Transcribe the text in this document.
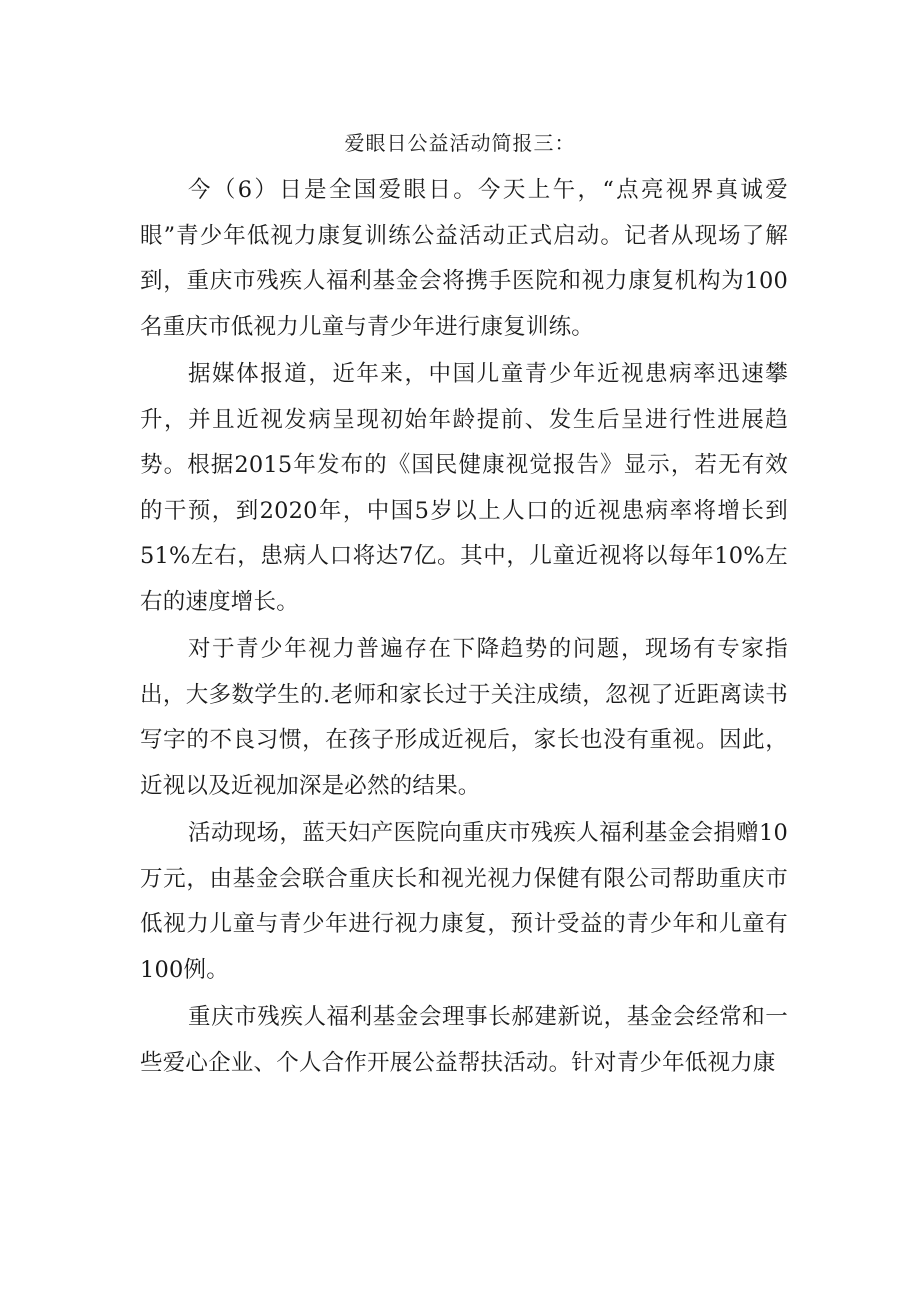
爱眼日公益活动简报三：

今（6）日是全国爱眼日。今天上午，“点亮视界真诚爱眼”青少年低视力康复训练公益活动正式启动。记者从现场了解到，重庆市残疾人福利基金会将携手医院和视力康复机构为100名重庆市低视力儿童与青少年进行康复训练。

据媒体报道，近年来，中国儿童青少年近视患病率迅速攀升，并且近视发病呈现初始年龄提前、发生后呈进行性进展趋势。根据2015年发布的《国民健康视觉报告》显示，若无有效的干预，到2020年，中国5岁以上人口的近视患病率将增长到51%左右，患病人口将达7亿。其中，儿童近视将以每年10%左右的速度增长。

对于青少年视力普遍存在下降趋势的问题，现场有专家指出，大多数学生的.老师和家长过于关注成绩，忽视了近距离读书写字的不良习惯，在孩子形成近视后，家长也没有重视。因此，近视以及近视加深是必然的结果。

活动现场，蓝天妇产医院向重庆市残疾人福利基金会捐赠10万元，由基金会联合重庆长和视光视力保健有限公司帮助重庆市低视力儿童与青少年进行视力康复，预计受益的青少年和儿童有100例。

重庆市残疾人福利基金会理事长郝建新说，基金会经常和一些爱心企业、个人合作开展公益帮扶活动。针对青少年低视力康
